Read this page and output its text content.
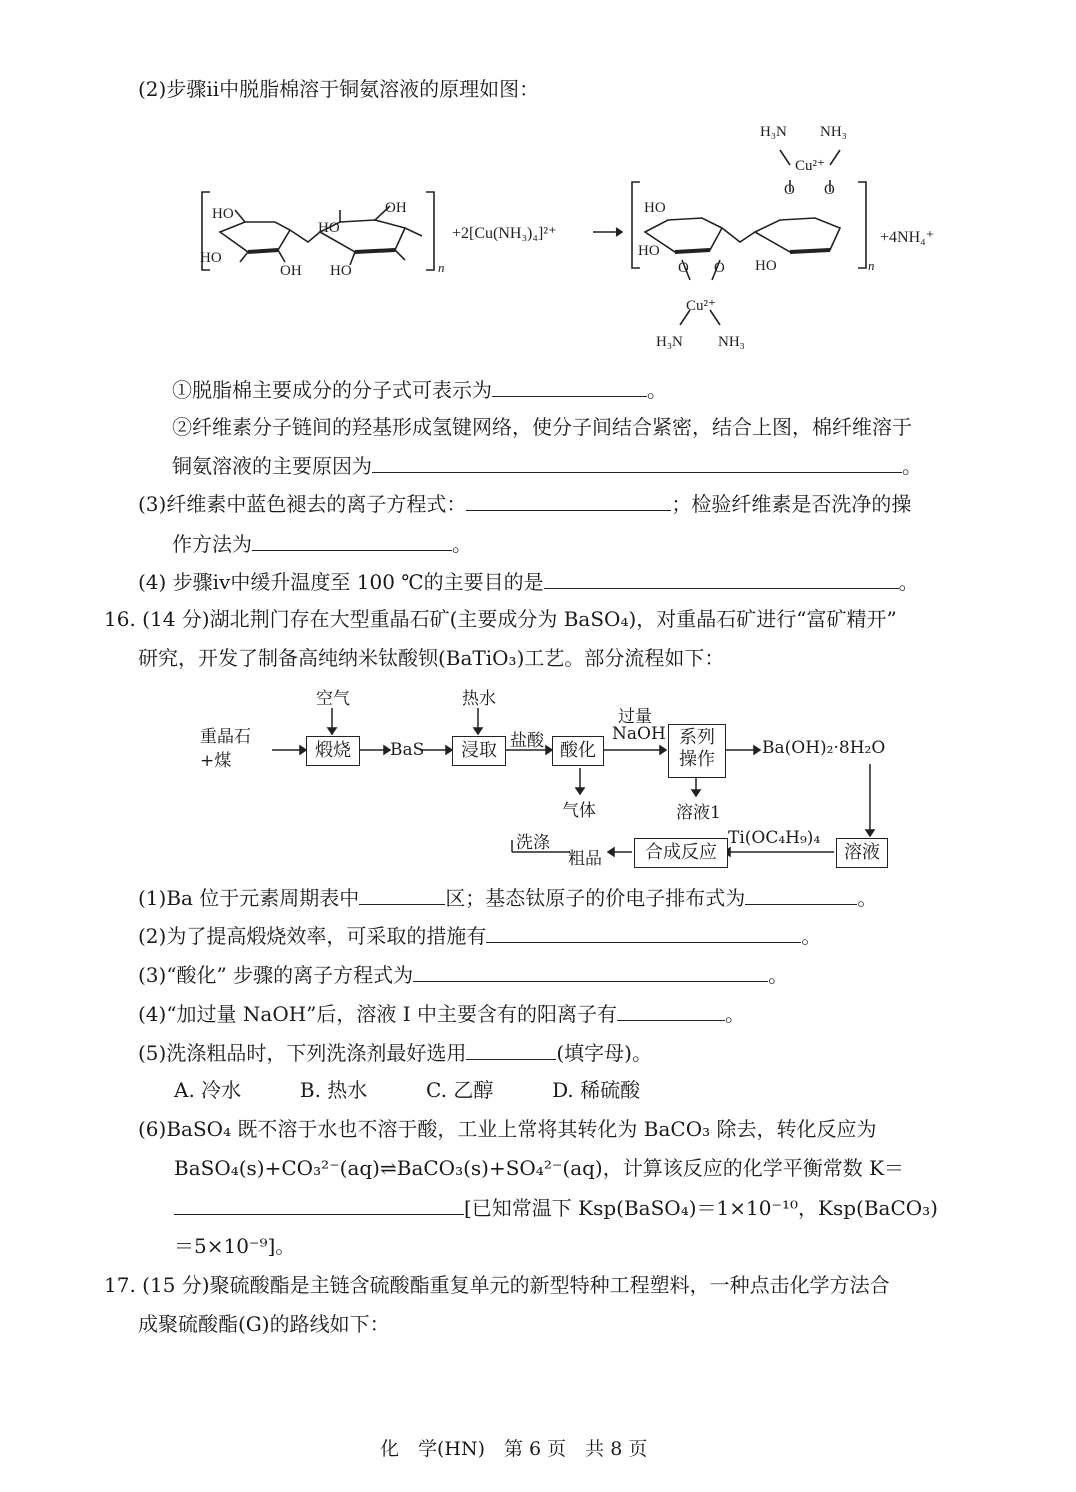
(2)步骤ⅱ中脱脂棉溶于铜氨溶液的原理如图：
HO
HO
OH
HO
OH
HO	n
+2[Cu(NH₃)₄]²⁺
H₃N NH₃
Cu²⁺
Cu²⁺
H₃N NH₃
n
+4NH₄⁺
HO
HO
HO
O O
O O
①脱脂棉主要成分的分子式可表示为	。
②纤维素分子链间的羟基形成氢键网络，使分子间结合紧密，结合上图，棉纤维溶于
铜氨溶液的主要原因为	。
(3)纤维素中蓝色褪去的离子方程式：	；检验纤维素是否洗净的操
作方法为	。
(4) 步骤ⅳ中缓升温度至 100 ℃的主要目的是	。
16. (14 分)湖北荆门存在大型重晶石矿(主要成分为 BaSO₄)，对重晶石矿进行“富矿精开”
研究，开发了制备高纯纳米钛酸钡(BaTiO₃)工艺。部分流程如下：
重晶石
+煤
空气
煅烧	BaS
热水
浸取 盐酸 酸化
气体
过量
NaOH 系列
操作
溶液1
Ba(OH)₂·8H₂O
溶液
Ti(OC₄H₉)₄
合成反应
粗品
洗涤
(1)Ba 位于元素周期表中	区；基态钛原子的价电子排布式为	。
(2)为了提高煅烧效率，可采取的措施有	。
(3)“酸化” 步骤的离子方程式为	。
(4)“加过量 NaOH”后，溶液 Ⅰ 中主要含有的阳离子有	。
(5)洗涤粗品时，下列洗涤剂最好选用	(填字母)。
A. 冷水	B. 热水	C. 乙醇	D. 稀硫酸
(6)BaSO₄ 既不溶于水也不溶于酸，工业上常将其转化为 BaCO₃ 除去，转化反应为
BaSO₄(s)+CO₃²⁻(aq)⇌BaCO₃(s)+SO₄²⁻(aq)，计算该反应的化学平衡常数 K＝
[已知常温下 Ksp(BaSO₄)＝1×10⁻¹⁰，Ksp(BaCO₃)
＝5×10⁻⁹]。
17. (15 分)聚硫酸酯是主链含硫酸酯重复单元的新型特种工程塑料，一种点击化学方法合
成聚硫酸酯(G)的路线如下：
化　学(HN)　第 6 页　共 8 页
